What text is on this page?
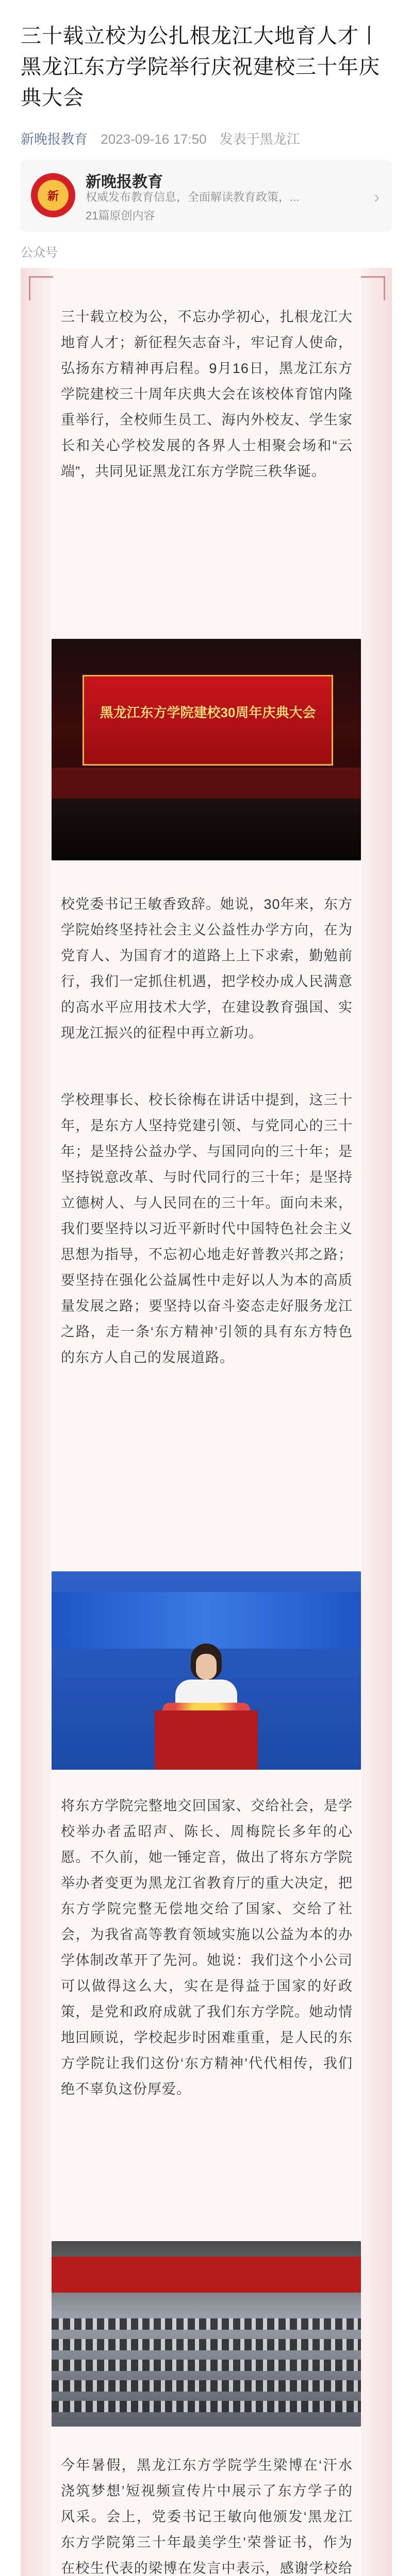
三十载立校为公扎根龙江大地育人才丨黑龙江东方学院举行庆祝建校三十年庆典大会
新晚报教育 2023-09-16 17:50 发表于黑龙江
新
新晚报教育
权威发布教育信息，全面解读教育政策，...
21篇原创内容
›
公众号
三十载立校为公，不忘办学初心，扎根龙江大地育人才；新征程矢志奋斗，牢记育人使命，弘扬东方精神再启程。9月16日，黑龙江东方学院建校三十周年庆典大会在该校体育馆内隆重举行，全校师生员工、海内外校友、学生家长和关心学校发展的各界人士相聚会场和“云端”，共同见证黑龙江东方学院三秩华诞。
黑龙江东方学院建校30周年庆典大会
校党委书记王敏香致辞。她说，30年来，东方学院始终坚持社会主义公益性办学方向，在为党育人、为国育才的道路上上下求索，勤勉前行，我们一定抓住机遇，把学校办成人民满意的高水平应用技术大学，在建设教育强国、实现龙江振兴的征程中再立新功。
学校理事长、校长徐梅在讲话中提到，这三十年，是东方人坚持党建引领、与党同心的三十年；是坚持公益办学、与国同向的三十年；是坚持锐意改革、与时代同行的三十年；是坚持立德树人、与人民同在的三十年。面向未来，我们要坚持以习近平新时代中国特色社会主义思想为指导，不忘初心地走好普教兴邦之路；要坚持在强化公益属性中走好以人为本的高质量发展之路；要坚持以奋斗姿态走好服务龙江之路，走一条‘东方精神’引领的具有东方特色的东方人自己的发展道路。
将东方学院完整地交回国家、交给社会，是学校举办者孟昭声、陈长、周梅院长多年的心愿。不久前，她一锤定音，做出了将东方学院举办者变更为黑龙江省教育厅的重大决定，把东方学院完整无偿地交给了国家、交给了社会，为我省高等教育领域实施以公益为本的办学体制改革开了先河。她说：我们这个小公司可以做得这么大，实在是得益于国家的好政策，是党和政府成就了我们东方学院。她动情地回顾说，学校起步时困难重重，是人民的东方学院让我们这份‘东方精神’代代相传，我们绝不辜负这份厚爱。
今年暑假，黑龙江东方学院学生梁博在‘汗水浇筑梦想’短视频宣传片中展示了东方学子的风采。会上，党委书记王敏向他颁发‘黑龙江东方学院第三十年最美学生’荣誉证书，作为在校生代表的梁博在发言中表示，感谢学校给
